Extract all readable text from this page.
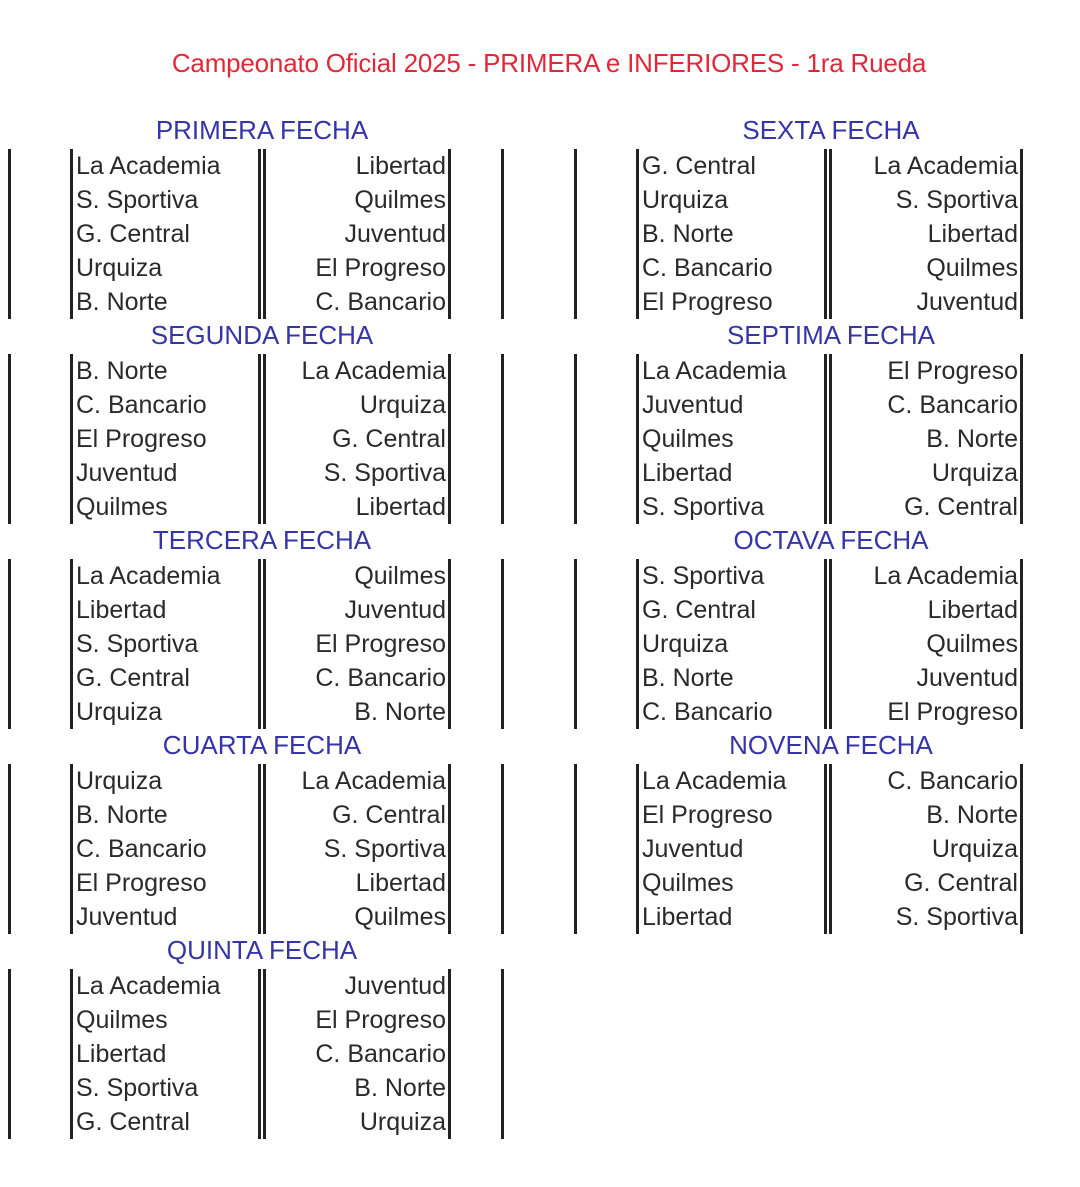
Campeonato Oficial 2025 - PRIMERA e INFERIORES - 1ra Rueda
PRIMERA FECHA
La Academia	Libertad
S. Sportiva	Quilmes
G. Central	Juventud
Urquiza	El Progreso
B. Norte	C. Bancario
SEGUNDA FECHA
B. Norte	La Academia
C. Bancario	Urquiza
El Progreso	G. Central
Juventud	S. Sportiva
Quilmes	Libertad
TERCERA FECHA
La Academia	Quilmes
Libertad	Juventud
S. Sportiva	El Progreso
G. Central	C. Bancario
Urquiza	B. Norte
CUARTA FECHA
Urquiza	La Academia
B. Norte	G. Central
C. Bancario	S. Sportiva
El Progreso	Libertad
Juventud	Quilmes
QUINTA FECHA
La Academia	Juventud
Quilmes	El Progreso
Libertad	C. Bancario
S. Sportiva	B. Norte
G. Central	Urquiza
SEXTA FECHA
G. Central	La Academia
Urquiza	S. Sportiva
B. Norte	Libertad
C. Bancario	Quilmes
El Progreso	Juventud
SEPTIMA FECHA
La Academia	El Progreso
Juventud	C. Bancario
Quilmes	B. Norte
Libertad	Urquiza
S. Sportiva	G. Central
OCTAVA FECHA
S. Sportiva	La Academia
G. Central	Libertad
Urquiza	Quilmes
B. Norte	Juventud
C. Bancario	El Progreso
NOVENA FECHA
La Academia	C. Bancario
El Progreso	B. Norte
Juventud	Urquiza
Quilmes	G. Central
Libertad	S. Sportiva
